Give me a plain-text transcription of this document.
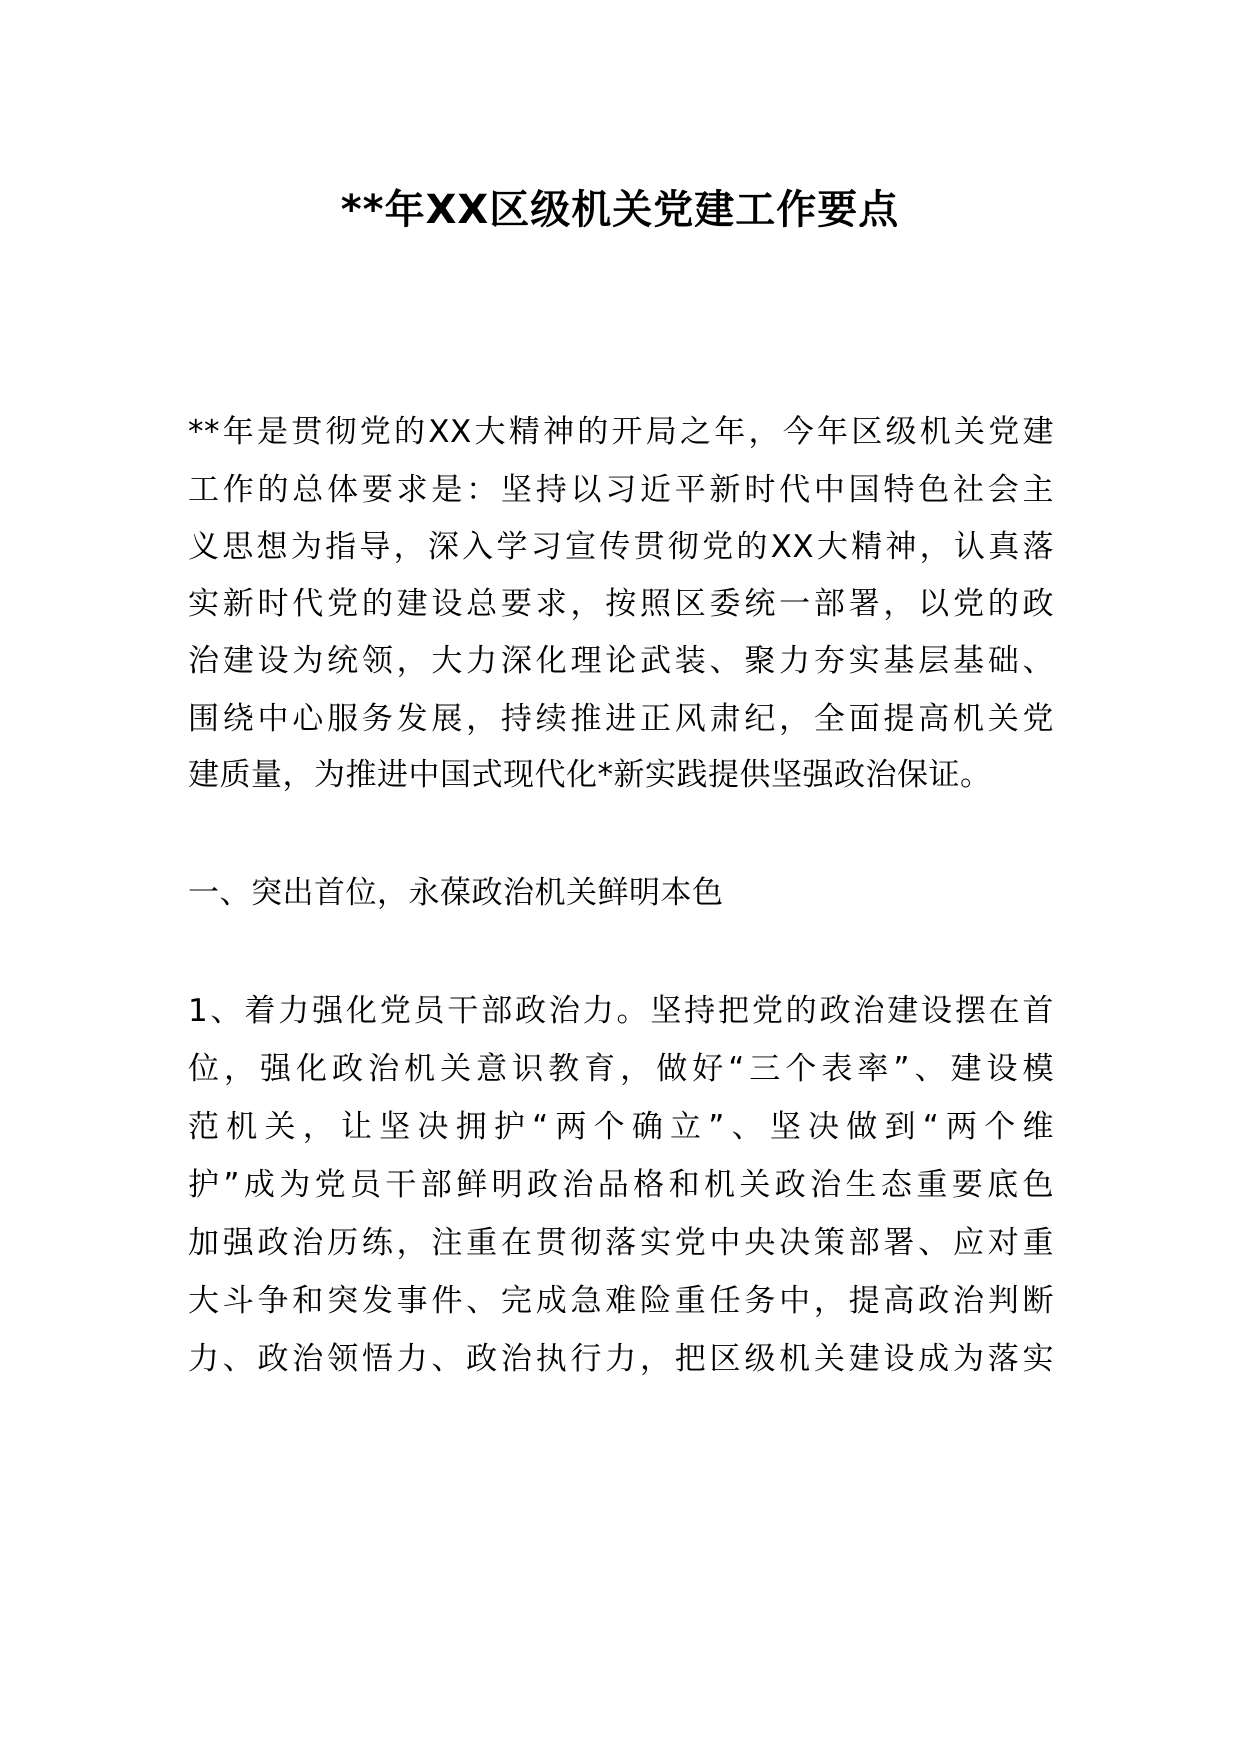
**年XX区级机关党建工作要点
**年是贯彻党的XX大精神的开局之年，今年区级机关党建
工作的总体要求是：坚持以习近平新时代中国特色社会主
义思想为指导，深入学习宣传贯彻党的XX大精神，认真落
实新时代党的建设总要求，按照区委统一部署，以党的政
治建设为统领，大力深化理论武装、聚力夯实基层基础、
围绕中心服务发展，持续推进正风肃纪，全面提高机关党
建质量，为推进中国式现代化*新实践提供坚强政治保证。
一、突出首位，永葆政治机关鲜明本色
1、着力强化党员干部政治力。坚持把党的政治建设摆在首
位，强化政治机关意识教育，做好“三个表率”、建设模
范机关，让坚决拥护“两个确立”、坚决做到“两个维
护”成为党员干部鲜明政治品格和机关政治生态重要底色
加强政治历练，注重在贯彻落实党中央决策部署、应对重
大斗争和突发事件、完成急难险重任务中，提高政治判断
力、政治领悟力、政治执行力，把区级机关建设成为落实
